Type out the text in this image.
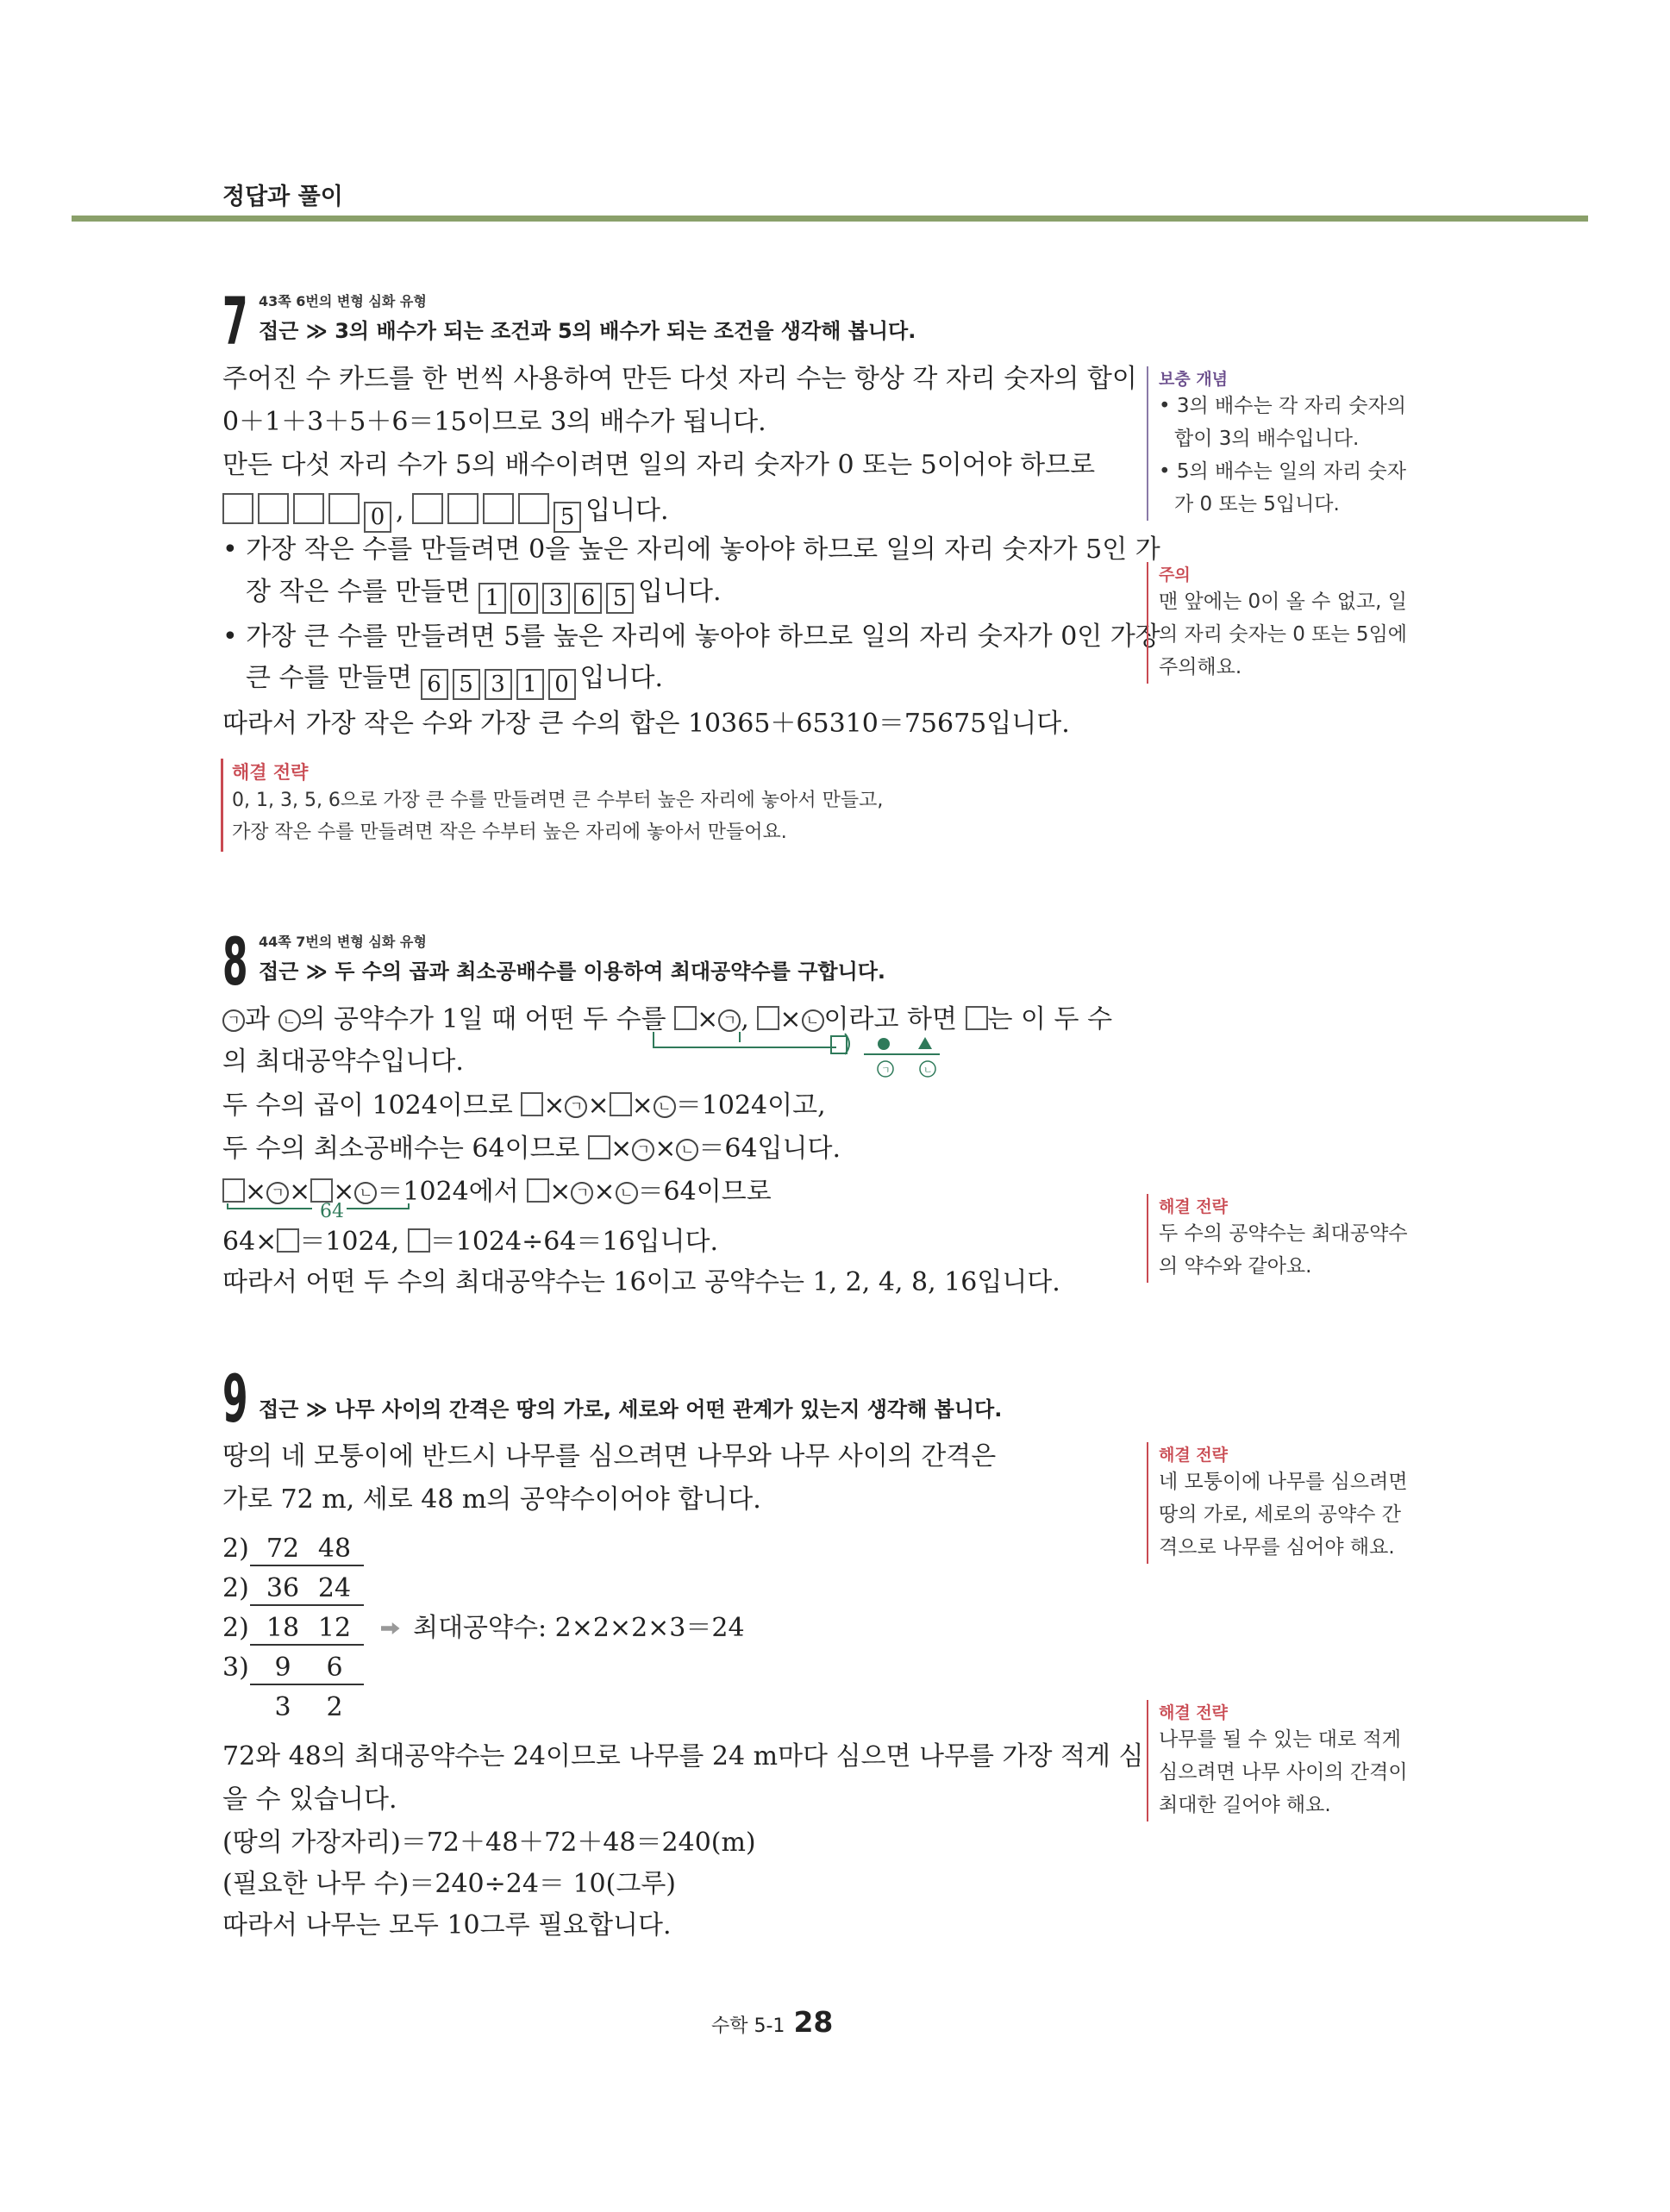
정답과 풀이
7 43쪽 6번의 변형 심화 유형
접근 ≫ 3의 배수가 되는 조건과 5의 배수가 되는 조건을 생각해 봅니다.
주어진 수 카드를 한 번씩 사용하여 만든 다섯 자리 수는 항상 각 자리 숫자의 합이
0＋1＋3＋5＋6＝15이므로 3의 배수가 됩니다.
만든 다섯 자리 수가 5의 배수이려면 일의 자리 숫자가 0 또는 5이어야 하므로
0 ,	5 입니다.
• 가장 작은 수를 만들려면 0을 높은 자리에 놓아야 하므로 일의 자리 숫자가 5인 가
장 작은 수를 만들면 1 0 3 6 5 입니다.
• 가장 큰 수를 만들려면 5를 높은 자리에 놓아야 하므로 일의 자리 숫자가 0인 가장
큰 수를 만들면 6 5 3 1 0 입니다.
따라서 가장 작은 수와 가장 큰 수의 합은 10365＋65310＝75675입니다.
해결 전략
0, 1, 3, 5, 6으로 가장 큰 수를 만들려면 큰 수부터 높은 자리에 놓아서 만들고,
가장 작은 수를 만들려면 작은 수부터 높은 자리에 놓아서 만들어요.
8 44쪽 7번의 변형 심화 유형
접근 ≫ 두 수의 곱과 최소공배수를 이용하여 최대공약수를 구합니다.
ㄱ 과 ㄴ 의 공약수가 1일 때 어떤 두 수를 × ㄱ , × ㄴ 이라고 하면 는 이 두 수
ㄱ	ㄴ
의 최대공약수입니다.
두 수의 곱이 1024이므로 × ㄱ × × ㄴ ＝1024이고,
두 수의 최소공배수는 64이므로 × ㄱ × ㄴ ＝64입니다.
× ㄱ × × ㄴ ＝1024에서 × ㄱ × ㄴ ＝64이므로
64
64× ＝1024, ＝1024÷64＝16입니다.
따라서 어떤 두 수의 최대공약수는 16이고 공약수는 1, 2, 4, 8, 16입니다.
9 접근 ≫ 나무 사이의 간격은 땅의 가로, 세로와 어떤 관계가 있는지 생각해 봅니다.
땅의 네 모퉁이에 반드시 나무를 심으려면 나무와 나무 사이의 간격은
가로 72 m, 세로 48 m의 공약수이어야 합니다.
2) 72 48
2) 36 24
2) 18 12 최대공약수: 2×2×2×3＝24
3) 9 6
3 2
72와 48의 최대공약수는 24이므로 나무를 24 m마다 심으면 나무를 가장 적게 심
을 수 있습니다.
(땅의 가장자리)＝72＋48＋72＋48＝240(m)
(필요한 나무 수)＝240÷24＝ 10(그루)
따라서 나무는 모두 10그루 필요합니다.
보충 개념
• 3의 배수는 각 자리 숫자의
합이 3의 배수입니다.
• 5의 배수는 일의 자리 숫자
가 0 또는 5입니다.
주의
맨 앞에는 0이 올 수 없고, 일
의 자리 숫자는 0 또는 5임에
주의해요.
해결 전략
두 수의 공약수는 최대공약수
의 약수와 같아요.
해결 전략
네 모퉁이에 나무를 심으려면
땅의 가로, 세로의 공약수 간
격으로 나무를 심어야 해요.
해결 전략
나무를 될 수 있는 대로 적게
심으려면 나무 사이의 간격이
최대한 길어야 해요.
수학 5-1 28
